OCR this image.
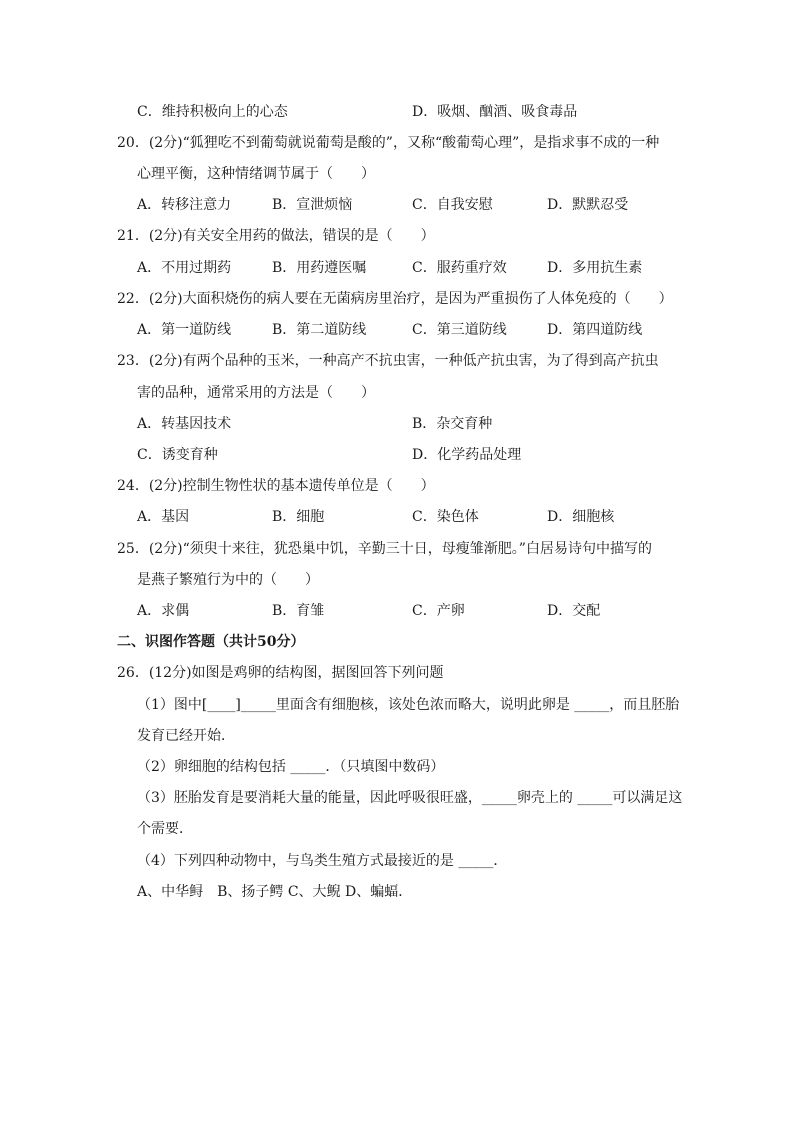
C．维持积极向上的心态	D．吸烟、酗酒、吸食毒品
20．(2分)“狐狸吃不到葡萄就说葡萄是酸的”，又称“酸葡萄心理”，是指求事不成的一种
心理平衡，这种情绪调节属于（　　）
A．转移注意力	B．宣泄烦恼	C．自我安慰	D．默默忍受
21．(2分)有关安全用药的做法，错误的是（　　）
A．不用过期药	B．用药遵医嘱	C．服药重疗效	D．多用抗生素
22．(2分)大面积烧伤的病人要在无菌病房里治疗，是因为严重损伤了人体免疫的（　　）
A．第一道防线	B．第二道防线	C．第三道防线	D．第四道防线
23．(2分)有两个品种的玉米，一种高产不抗虫害，一种低产抗虫害，为了得到高产抗虫
害的品种，通常采用的方法是（　　）
A．转基因技术	B．杂交育种
C．诱变育种	D．化学药品处理
24．(2分)控制生物性状的基本遗传单位是（　　）
A．基因	B．细胞	C．染色体	D．细胞核
25．(2分)“须臾十来往，犹恐巢中饥，辛勤三十日，母瘦雏渐肥。”白居易诗句中描写的
是燕子繁殖行为中的（　　）
A．求偶	B．育雏	C．产卵	D．交配
二、识图作答题（共计50分）
26．(12分)如图是鸡卵的结构图，据图回答下列问题
（1）图中[____]_____里面含有细胞核，该处色浓而略大，说明此卵是 _____，而且胚胎
发育已经开始．
（2）卵细胞的结构包括 _____．（只填图中数码）
（3）胚胎发育是要消耗大量的能量，因此呼吸很旺盛，_____卵壳上的 _____可以满足这
个需要．
（4）下列四种动物中，与鸟类生殖方式最接近的是 _____．
A、中华鲟　B、扬子鳄 C、大鲵 D、蝙蝠．
